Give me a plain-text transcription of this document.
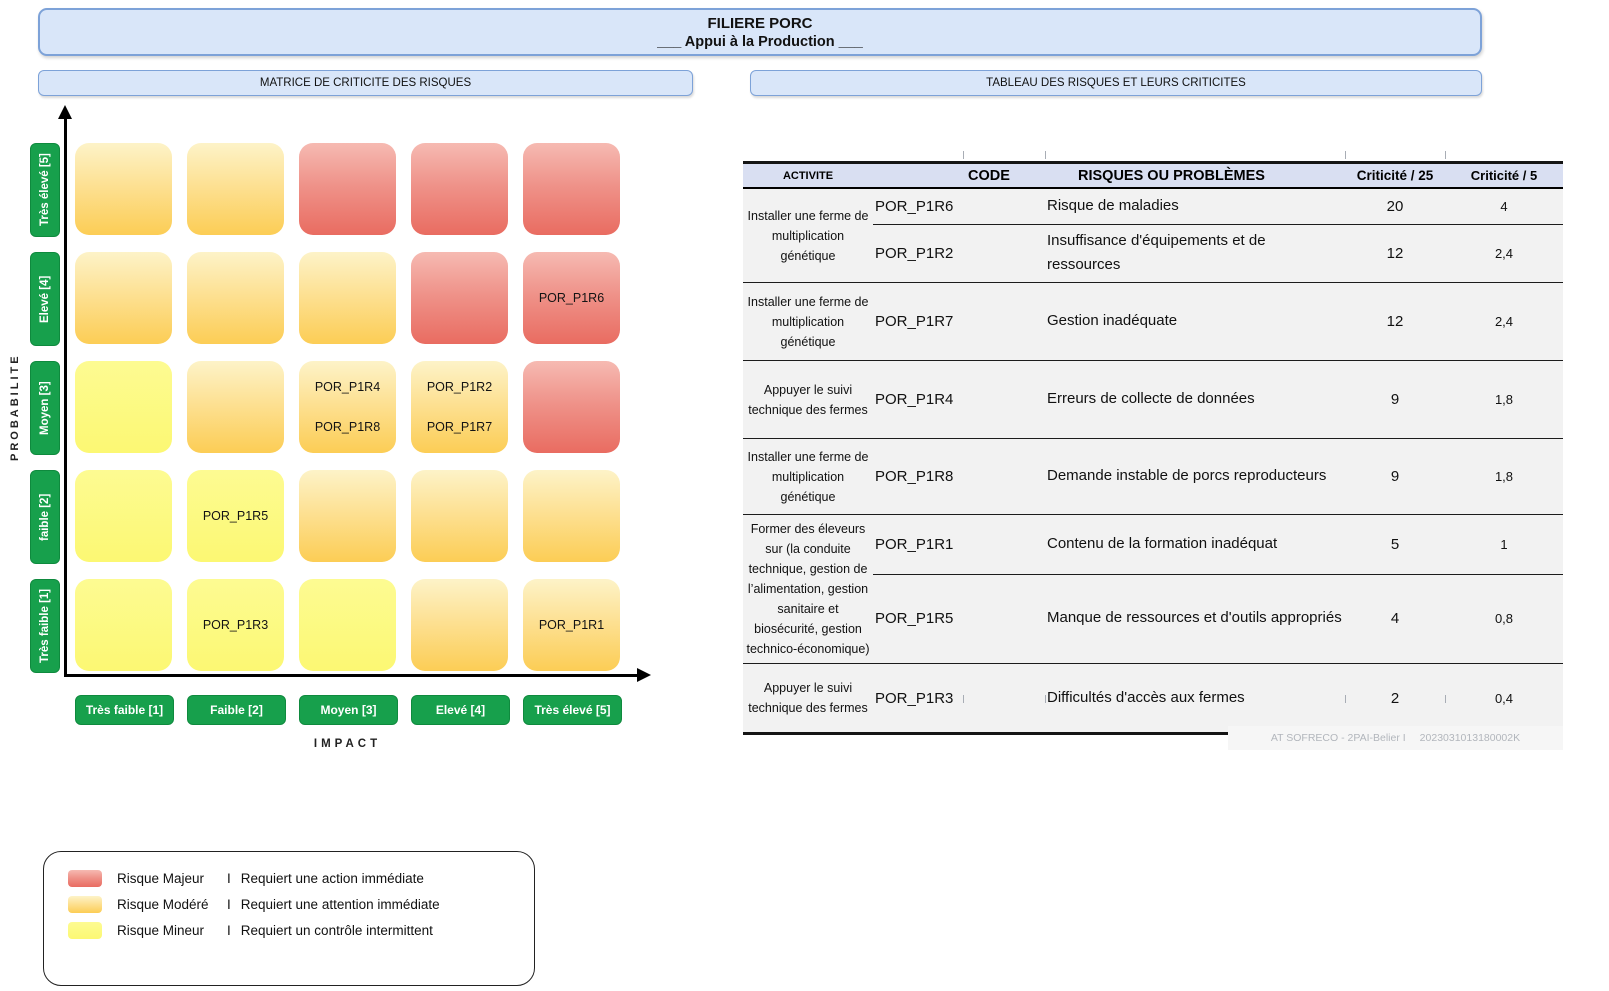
FILIERE PORC
___ Appui à la Production ___
MATRICE DE CRITICITE DES RISQUES	TABLEAU DES RISQUES ET LEURS CRITICITES
PROBABILITE
Très élevé [5]
Elevé [4]
Moyen [3]
faible [2]
Très faible [1]
POR_P1R6
POR_P1R4
POR_P1R8
POR_P1R2
POR_P1R7
POR_P1R5
POR_P1R3	POR_P1R1
Très faible [1]	Faible [2]	Moyen [3]	Elevé [4]	Très élevé [5]
IMPACT
Risque Majeur	I Requiert une action immédiate
Risque Modéré	I Requiert une attention immédiate
Risque Mineur	I Requiert un contrôle intermittent
ACTIVITE	CODE	RISQUES OU PROBLÈMES	Criticité / 25	Criticité / 5
Installer une ferme de multiplication génétique	POR_P1R6	Risque de maladies	20	4
	POR_P1R2	Insuffisance d'équipements et de ressources	12	2,4
Installer une ferme de multiplication génétique	POR_P1R7	Gestion inadéquate	12	2,4
Appuyer le suivi technique des fermes	POR_P1R4	Erreurs de collecte de données	9	1,8
Installer une ferme de multiplication génétique	POR_P1R8	Demande instable de porcs reproducteurs	9	1,8
Former des éleveurs sur (la conduite technique, gestion de l’alimentation, gestion sanitaire et biosécurité, gestion technico-économique)	POR_P1R1	Contenu de la formation inadéquat	5	1
	POR_P1R5	Manque de ressources et d'outils appropriés	4	0,8
Appuyer le suivi technique des fermes	POR_P1R3	Difficultés d'accès aux fermes	2	0,4
AT SOFRECO - 2PAI-Belier I 2023031013180002K
